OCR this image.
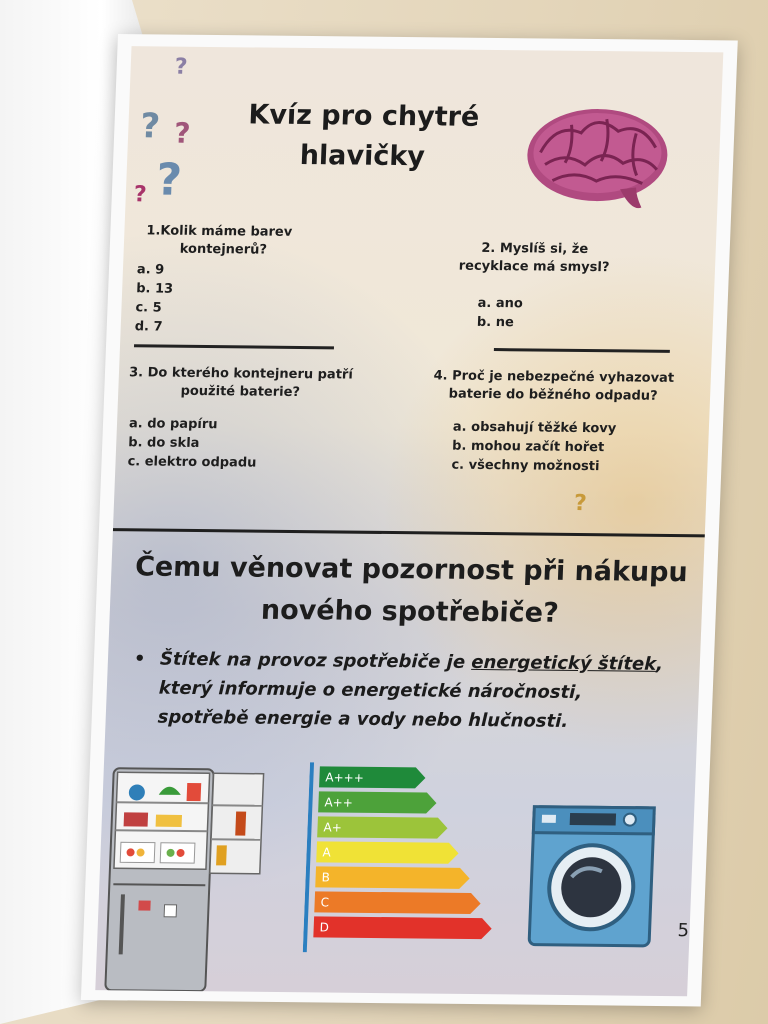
?
? ?
?
?
?
Kvíz pro chytré
hlavičky
1.Kolik máme barev
kontejnerů?
a. 9
b. 13
c. 5
d. 7
2. Myslíš si, že
recyklace má smysl?
a. ano
b. ne
3. Do kterého kontejneru patří
použité baterie?
a. do papíru
b. do skla
c. elektro odpadu
4. Proč je nebezpečné vyhazovat
baterie do běžného odpadu?
a. obsahují těžké kovy
b. mohou začít hořet
c. všechny možnosti
Čemu věnovat pozornost při nákupu
nového spotřebiče?
• Štítek na provoz spotřebiče je energetický štítek,
který informuje o energetické náročnosti,
spotřebě energie a vody nebo hlučnosti.
A+++
A++
A+
A
B
C
D	5
